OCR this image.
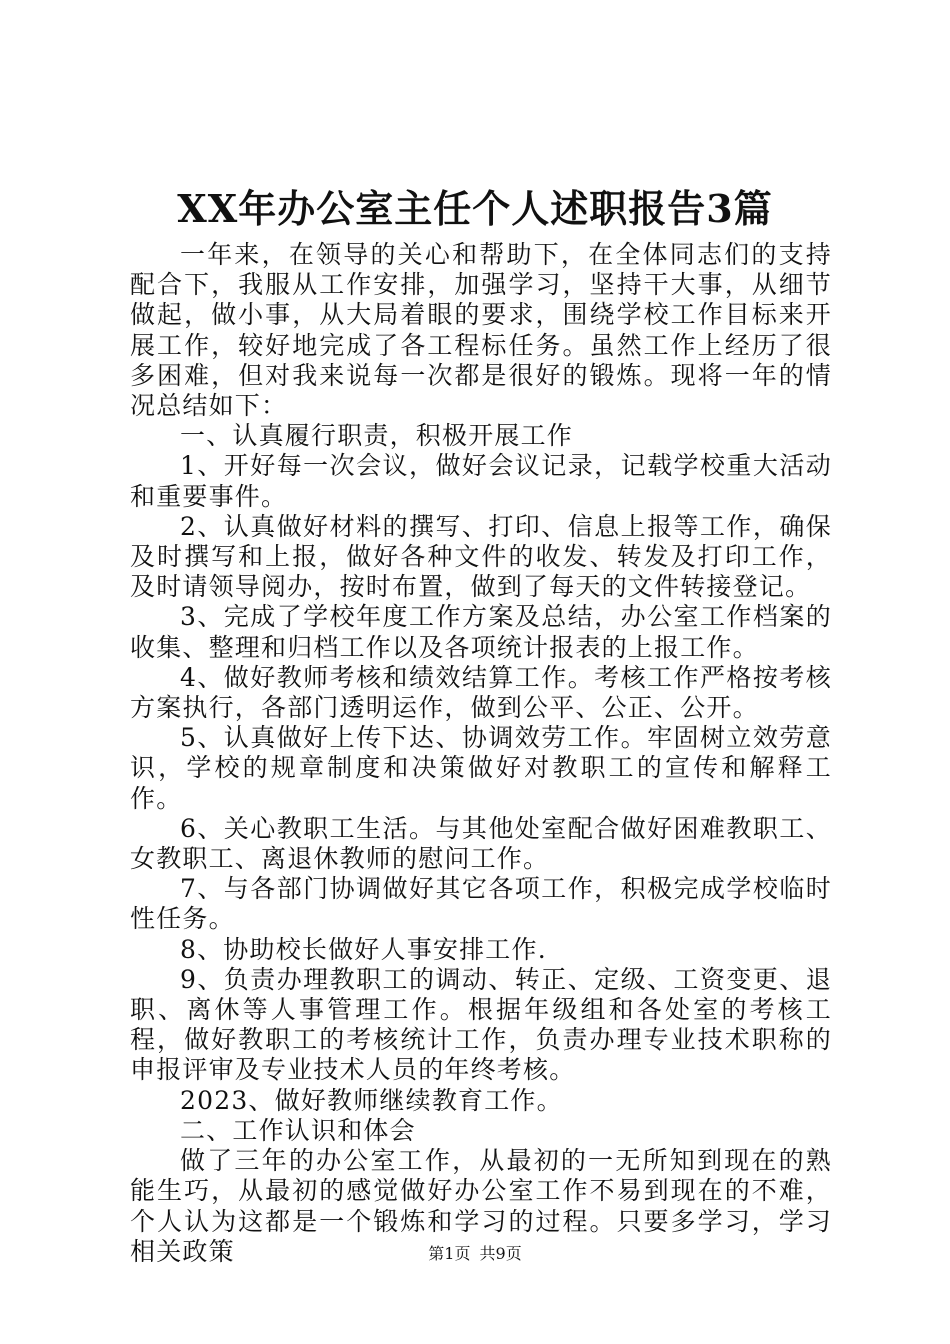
XX年办公室主任个人述职报告3篇

一年来，在领导的关心和帮助下，在全体同志们的支持配合下，我服从工作安排，加强学习，坚持干大事，从细节做起，做小事，从大局着眼的要求，围绕学校工作目标来开展工作，较好地完成了各工程标任务。虽然工作上经历了很多困难，但对我来说每一次都是很好的锻炼。现将一年的情况总结如下：

一、认真履行职责，积极开展工作

1、开好每一次会议，做好会议记录，记载学校重大活动和重要事件。

2、认真做好材料的撰写、打印、信息上报等工作，确保及时撰写和上报，做好各种文件的收发、转发及打印工作，及时请领导阅办，按时布置，做到了每天的文件转接登记。

3、完成了学校年度工作方案及总结，办公室工作档案的收集、整理和归档工作以及各项统计报表的上报工作。

4、做好教师考核和绩效结算工作。考核工作严格按考核方案执行，各部门透明运作，做到公平、公正、公开。

5、认真做好上传下达、协调效劳工作。牢固树立效劳意识，学校的规章制度和决策做好对教职工的宣传和解释工作。

6、关心教职工生活。与其他处室配合做好困难教职工、女教职工、离退休教师的慰问工作。

7、与各部门协调做好其它各项工作，积极完成学校临时性任务。

8、协助校长做好人事安排工作.

9、负责办理教职工的调动、转正、定级、工资变更、退职、离休等人事管理工作。根据年级组和各处室的考核工程，做好教职工的考核统计工作，负责办理专业技术职称的申报评审及专业技术人员的年终考核。

2023、做好教师继续教育工作。

二、工作认识和体会

做了三年的办公室工作，从最初的一无所知到现在的熟能生巧，从最初的感觉做好办公室工作不易到现在的不难，个人认为这都是一个锻炼和学习的过程。只要多学习，学习相关政策	第1页 共9页
